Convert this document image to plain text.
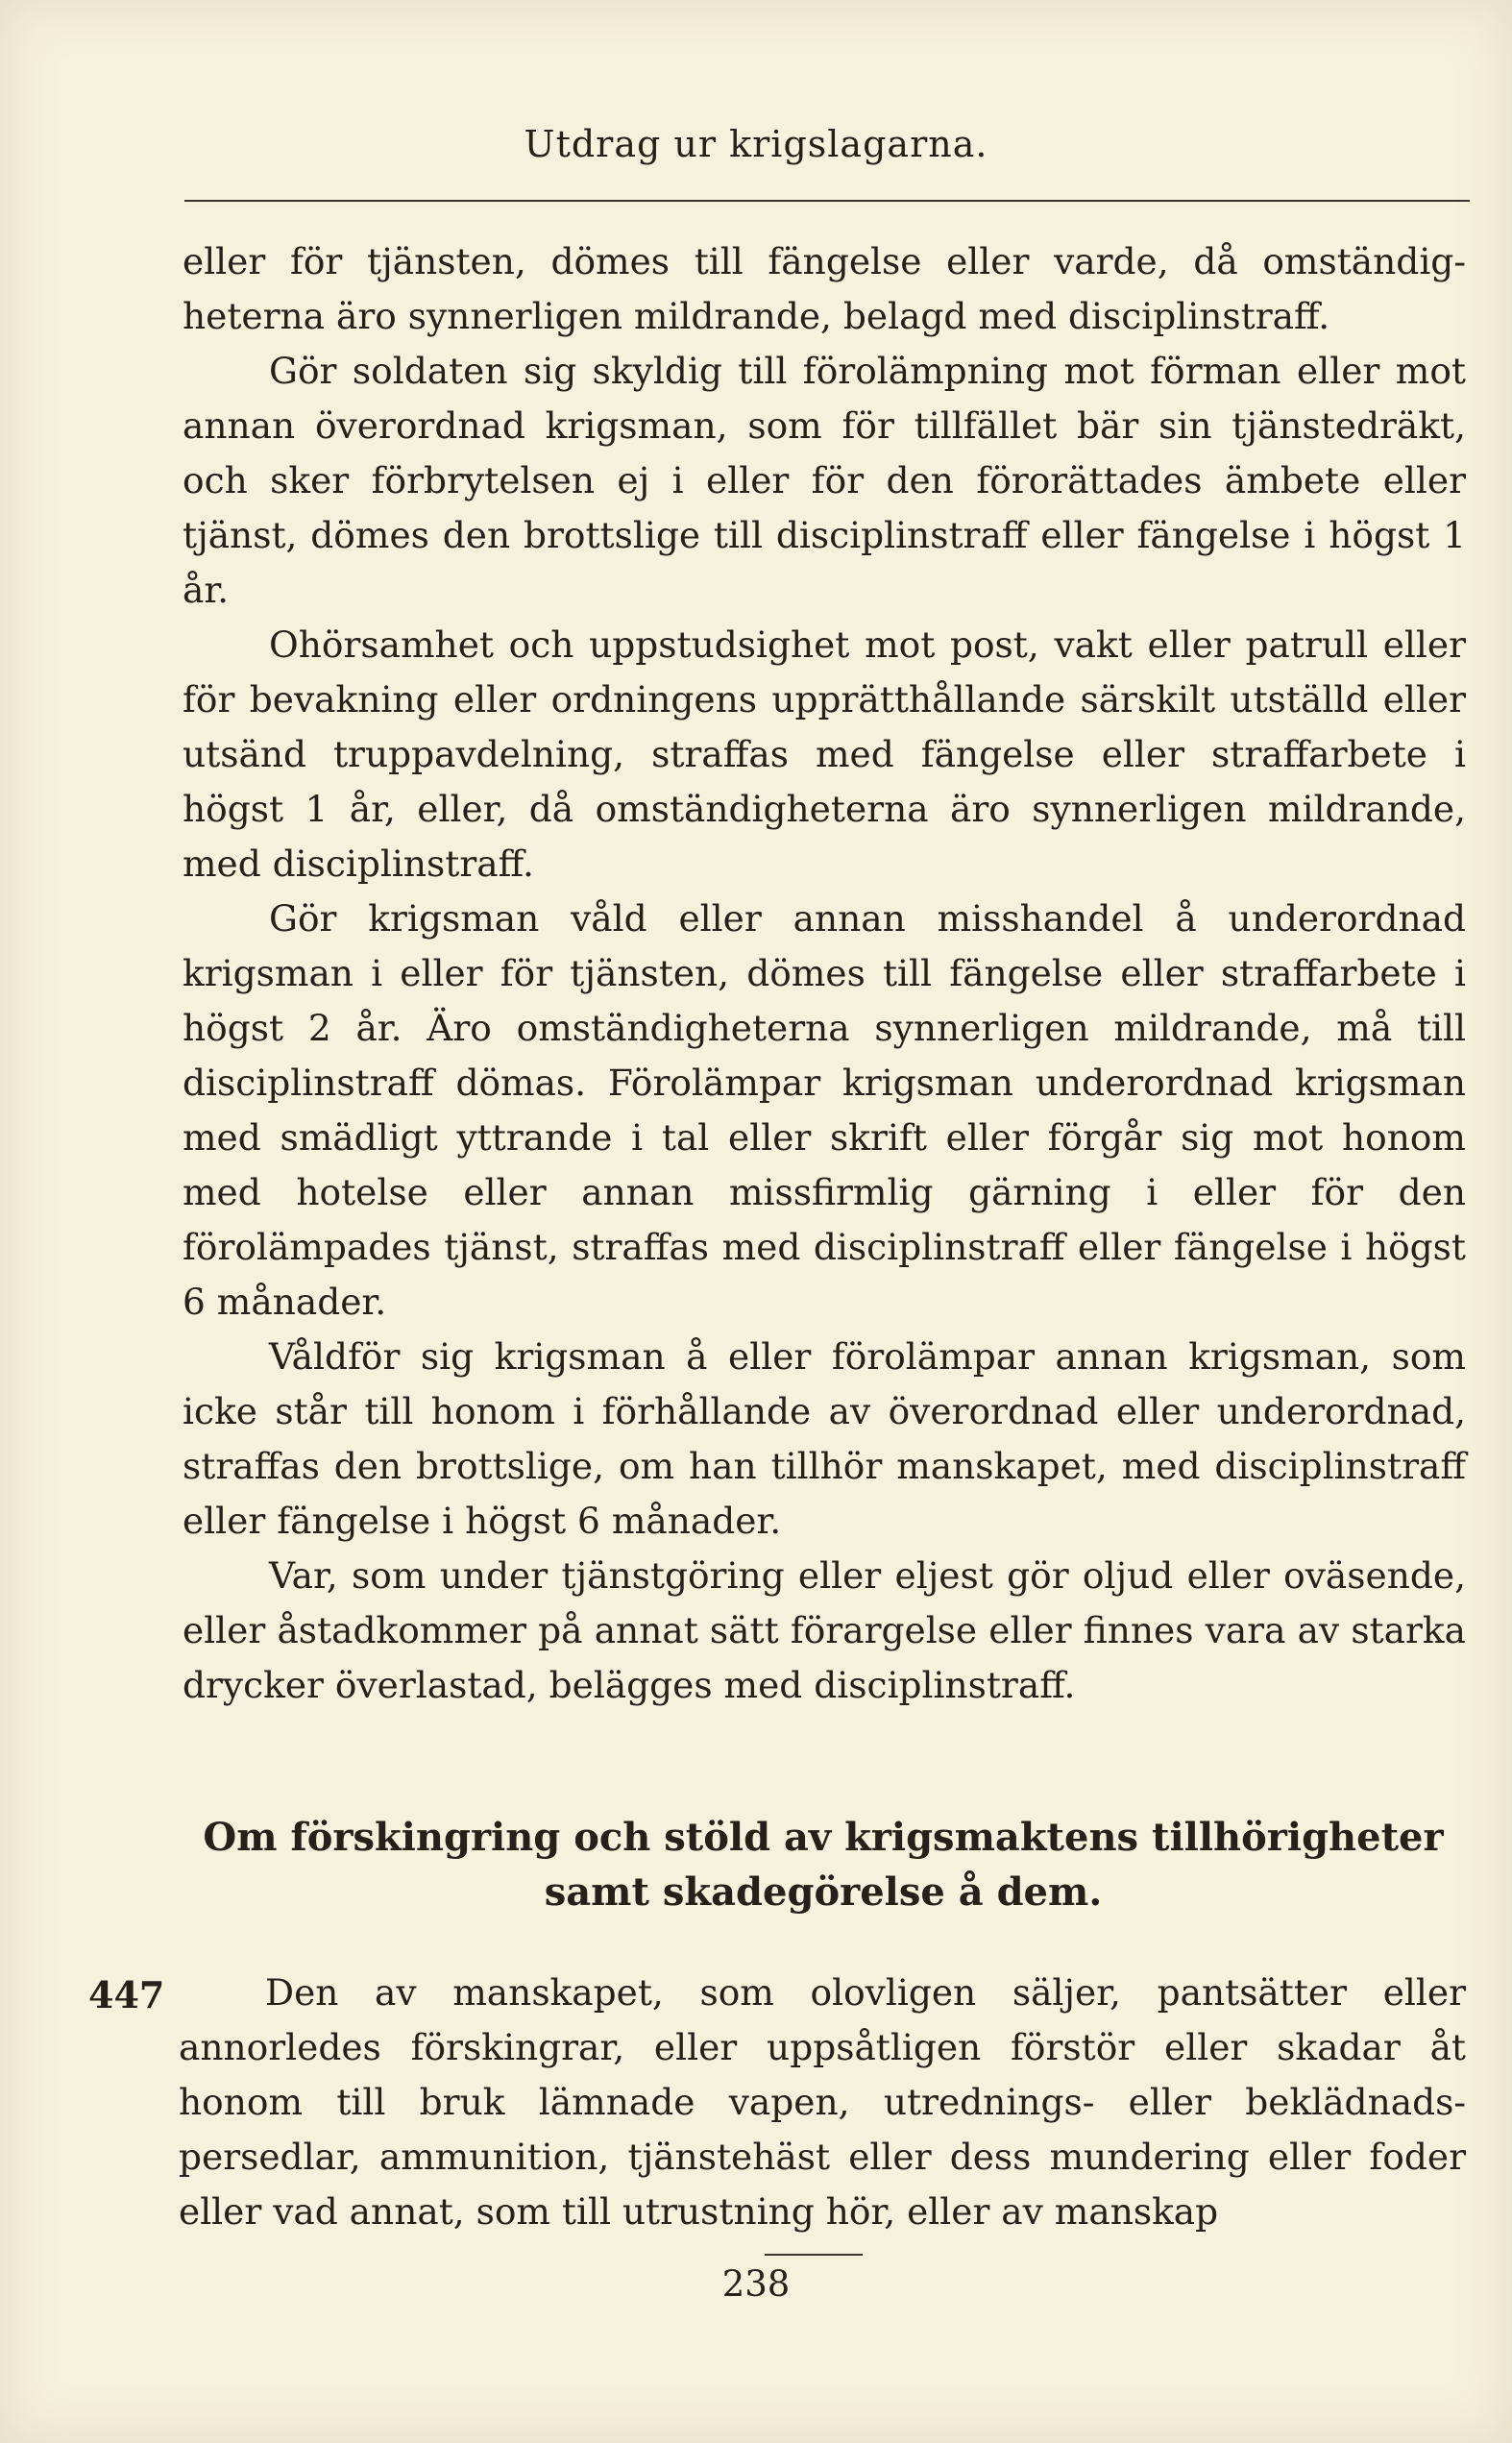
Utdrag ur krigslagarna.

eller för tjänsten, dömes till fängelse eller varde, då omständigheterna äro synnerligen mildrande, belagd med disciplinstraff.

Gör soldaten sig skyldig till förolämpning mot förman eller mot annan överordnad krigsman, som för tillfället bär sin tjänstedräkt, och sker förbrytelsen ej i eller för den förorättades ämbete eller tjänst, dömes den brottslige till disciplinstraff eller fängelse i högst 1 år.

Ohörsamhet och uppstudsighet mot post, vakt eller patrull eller för bevakning eller ordningens upprätthållande särskilt utställd eller utsänd truppavdelning, straffas med fängelse eller straffarbete i högst 1 år, eller, då omständigheterna äro synnerligen mildrande, med disciplinstraff.

Gör krigsman våld eller annan misshandel å underordnad krigsman i eller för tjänsten, dömes till fängelse eller straffarbete i högst 2 år. Äro omständigheterna synnerligen mildrande, må till disciplinstraff dömas. Förolämpar krigsman underordnad krigsman med smädligt yttrande i tal eller skrift eller förgår sig mot honom med hotelse eller annan missfirmlig gärning i eller för den förolämpades tjänst, straffas med disciplinstraff eller fängelse i högst 6 månader.

Våldför sig krigsman å eller förolämpar annan krigsman, som icke står till honom i förhållande av överordnad eller underordnad, straffas den brottslige, om han tillhör manskapet, med disciplinstraff eller fängelse i högst 6 månader.

Var, som under tjänstgöring eller eljest gör oljud eller oväsende, eller åstadkommer på annat sätt förargelse eller finnes vara av starka drycker överlastad, belägges med disciplinstraff.

Om förskingring och stöld av krigsmaktens tillhörigheter samt skadegörelse å dem.
447	Den av manskapet, som olovligen säljer, pantsätter eller annorledes förskingrar, eller uppsåtligen förstör eller skadar åt honom till bruk lämnade vapen, utrednings- eller beklädnadspersedlar, ammunition, tjänstehäst eller dess mundering eller foder eller vad annat, som till utrustning hör, eller av manskap

238
